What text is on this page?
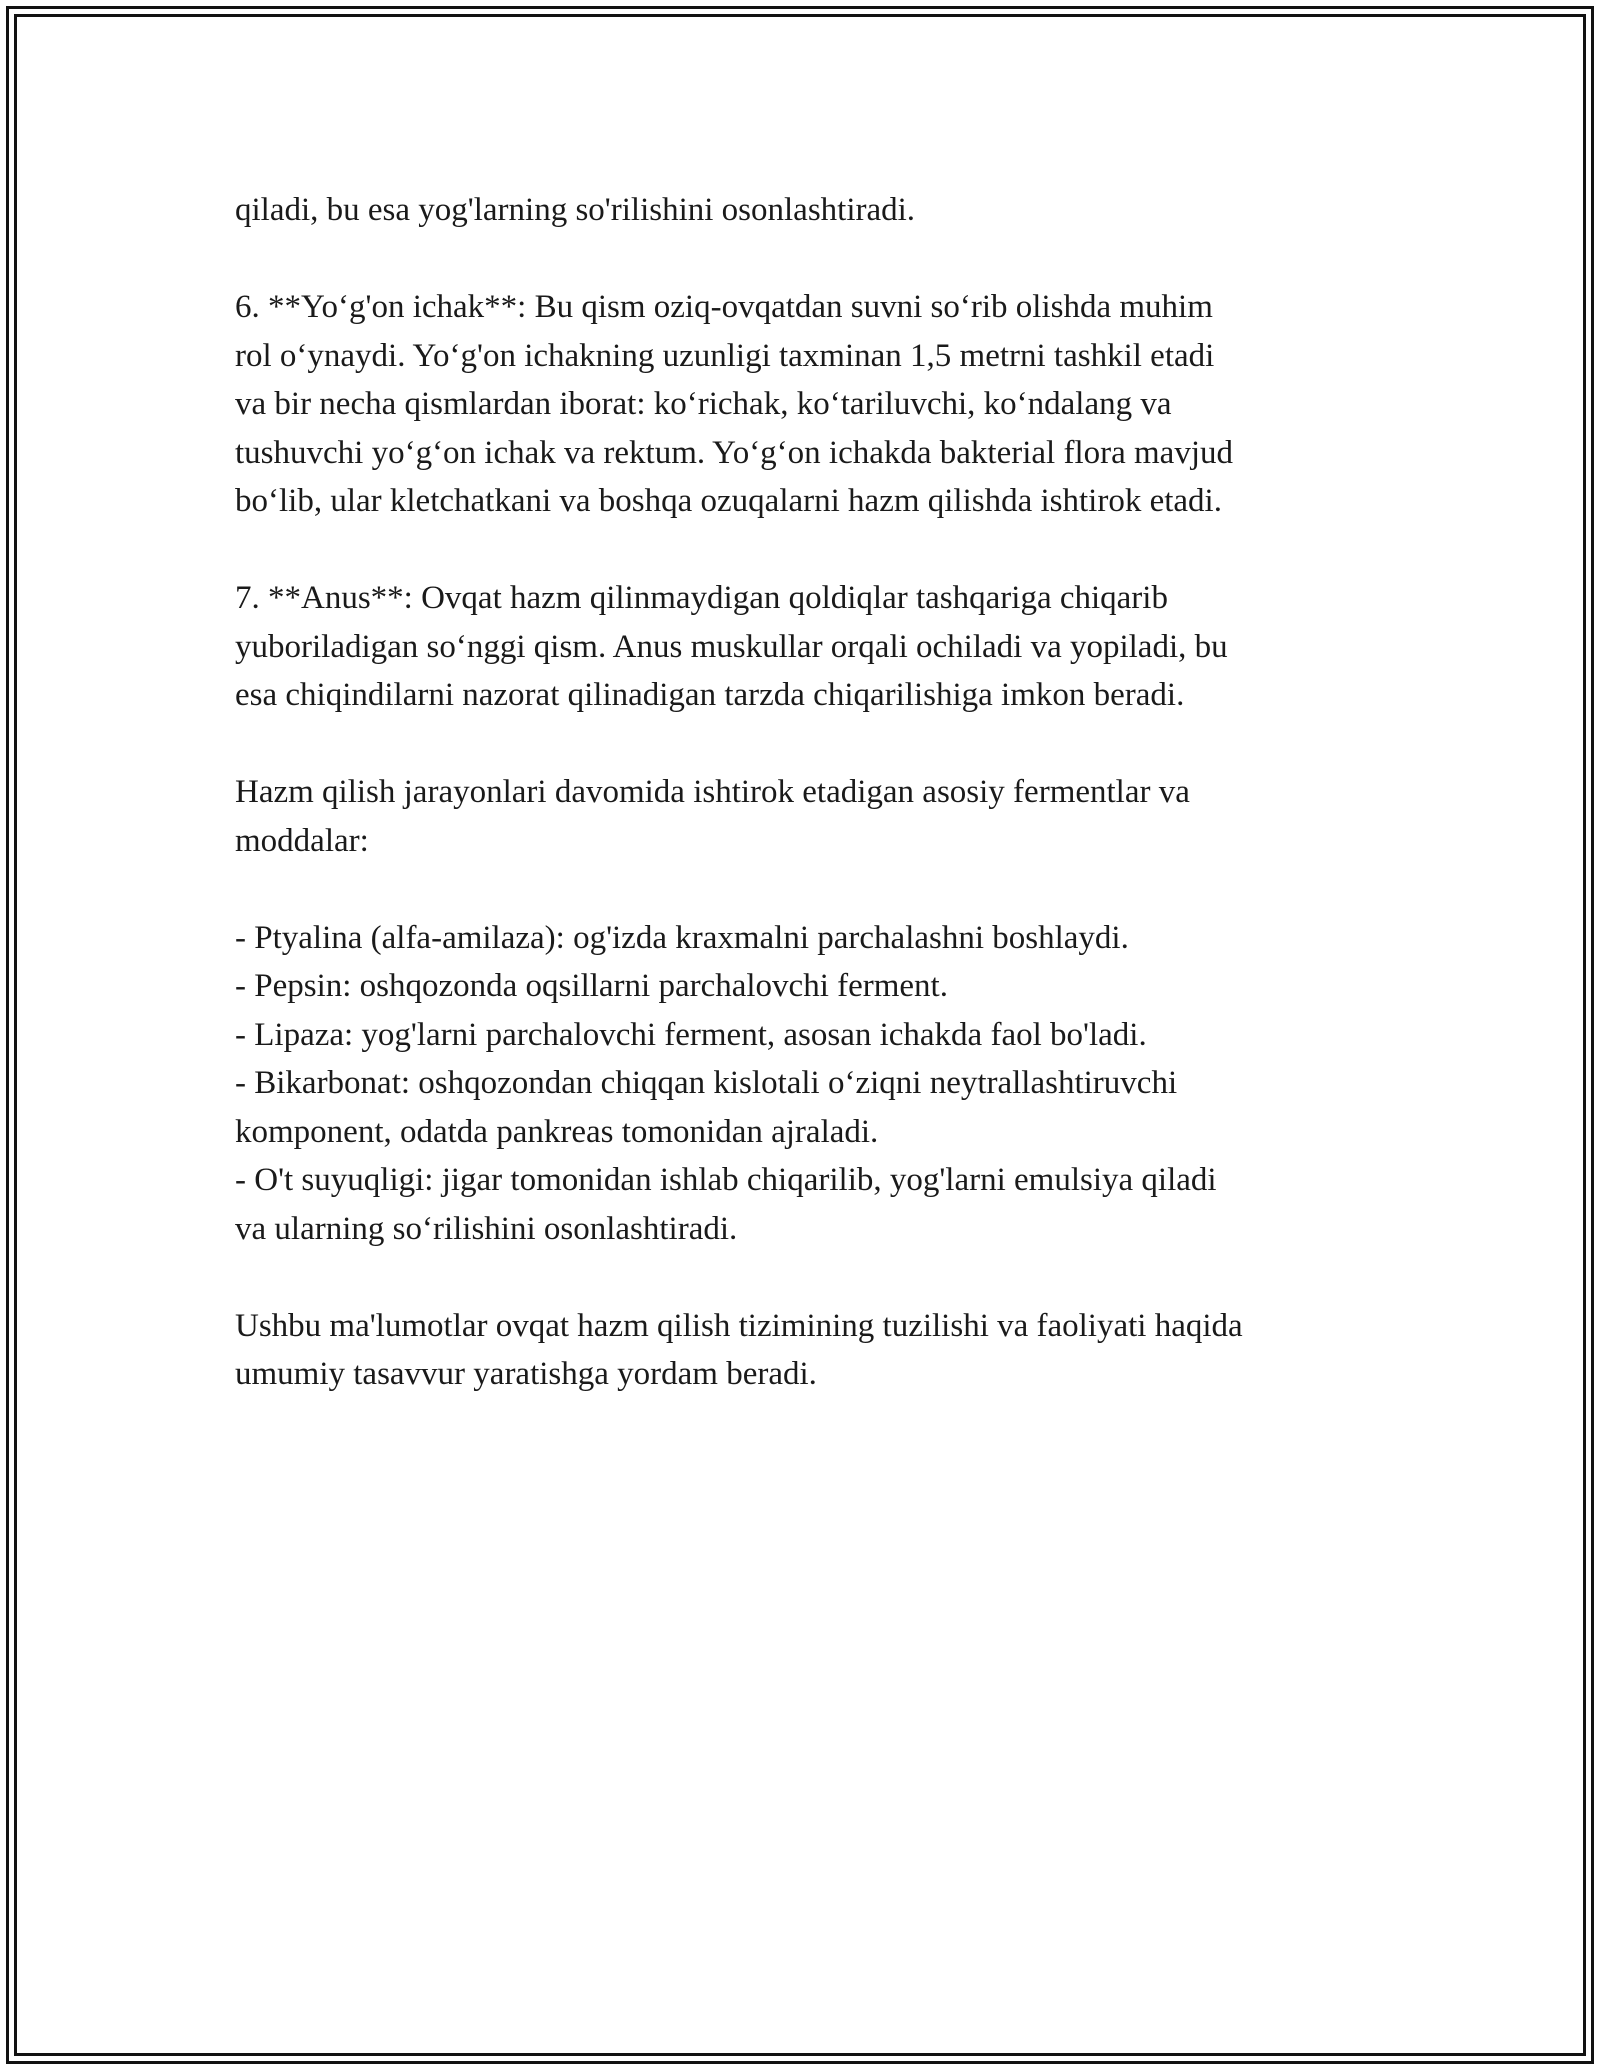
qiladi, bu esa yog'larning so'rilishini osonlashtiradi.

6. **Yo‘g'on ichak**: Bu qism oziq-ovqatdan suvni so‘rib olishda muhim
rol o‘ynaydi. Yo‘g'on ichakning uzunligi taxminan 1,5 metrni tashkil etadi
va bir necha qismlardan iborat: ko‘richak, ko‘tariluvchi, ko‘ndalang va
tushuvchi yo‘g‘on ichak va rektum. Yo‘g‘on ichakda bakterial flora mavjud
bo‘lib, ular kletchatkani va boshqa ozuqalarni hazm qilishda ishtirok etadi.

7. **Anus**: Ovqat hazm qilinmaydigan qoldiqlar tashqariga chiqarib
yuboriladigan so‘nggi qism. Anus muskullar orqali ochiladi va yopiladi, bu
esa chiqindilarni nazorat qilinadigan tarzda chiqarilishiga imkon beradi.

Hazm qilish jarayonlari davomida ishtirok etadigan asosiy fermentlar va
moddalar:

- Ptyalina (alfa-amilaza): og'izda kraxmalni parchalashni boshlaydi.
- Pepsin: oshqozonda oqsillarni parchalovchi ferment.
- Lipaza: yog'larni parchalovchi ferment, asosan ichakda faol bo'ladi.
- Bikarbonat: oshqozondan chiqqan kislotali o‘ziqni neytrallashtiruvchi
komponent, odatda pankreas tomonidan ajraladi.
- O't suyuqligi: jigar tomonidan ishlab chiqarilib, yog'larni emulsiya qiladi
va ularning so‘rilishini osonlashtiradi.

Ushbu ma'lumotlar ovqat hazm qilish tizimining tuzilishi va faoliyati haqida
umumiy tasavvur yaratishga yordam beradi.
